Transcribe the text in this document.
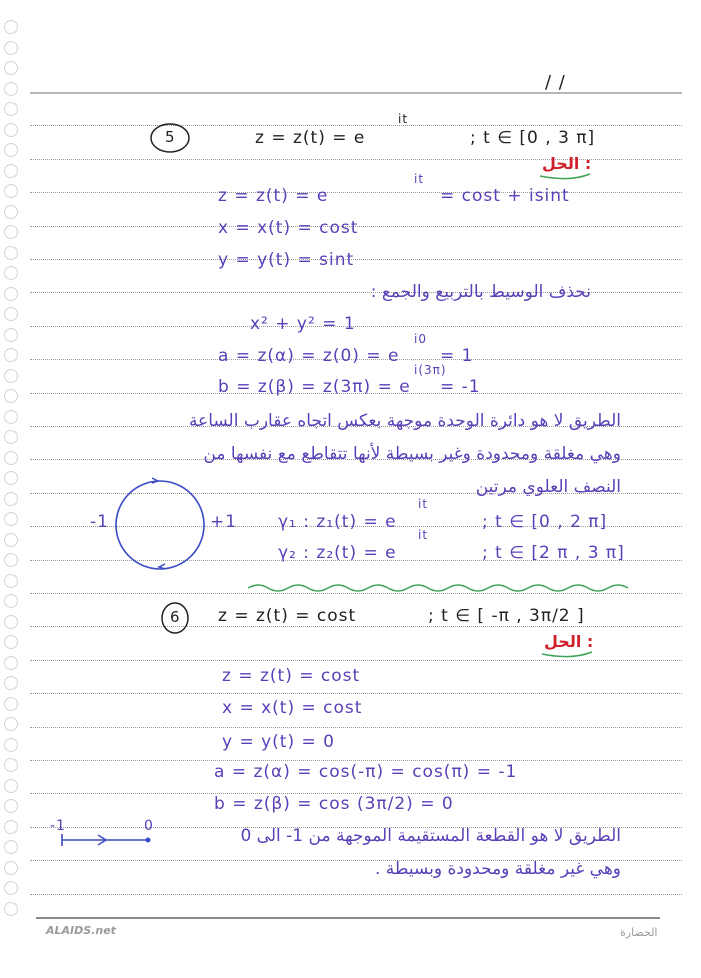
/ /
5	z = z(t) = e
it
; t ∈ [0 , 3 π]
الحل :
z = z(t) = e
it
= cost + isint
x = x(t) = cost
y = y(t) = sint
نحذف الوسيط بالتربيع والجمع :
x² + y² = 1
a = z(α) = z(0) = e
i0
= 1
b = z(β) = z(3π) = e
i(3π)
= -1
الطريق لا هو دائرة الوحدة موجهة بعكس اتجاه عقارب الساعة
وهي مغلقة ومحدودة وغير بسيطة لأنها تتقاطع مع نفسها من
النصف العلوي مرتين
-1	+1 γ₁ : z₁(t) = e
it
; t ∈ [0 , 2 π]
γ₂ : z₂(t) = e
it
; t ∈ [2 π , 3 π]
6 z = z(t) = cost	; t ∈ [ -π , 3π/2 ]
الحل :
z = z(t) = cost
x = x(t) = cost
y = y(t) = 0
a = z(α) = cos(-π) = cos(π) = -1
b = z(β) = cos (3π/2) = 0
-1	0	الطريق لا هو القطعة المستقيمة الموجهة من 1- الى 0
وهي غير مغلقة ومحدودة وبسيطة .
ALAIDS.net	الحضارة
